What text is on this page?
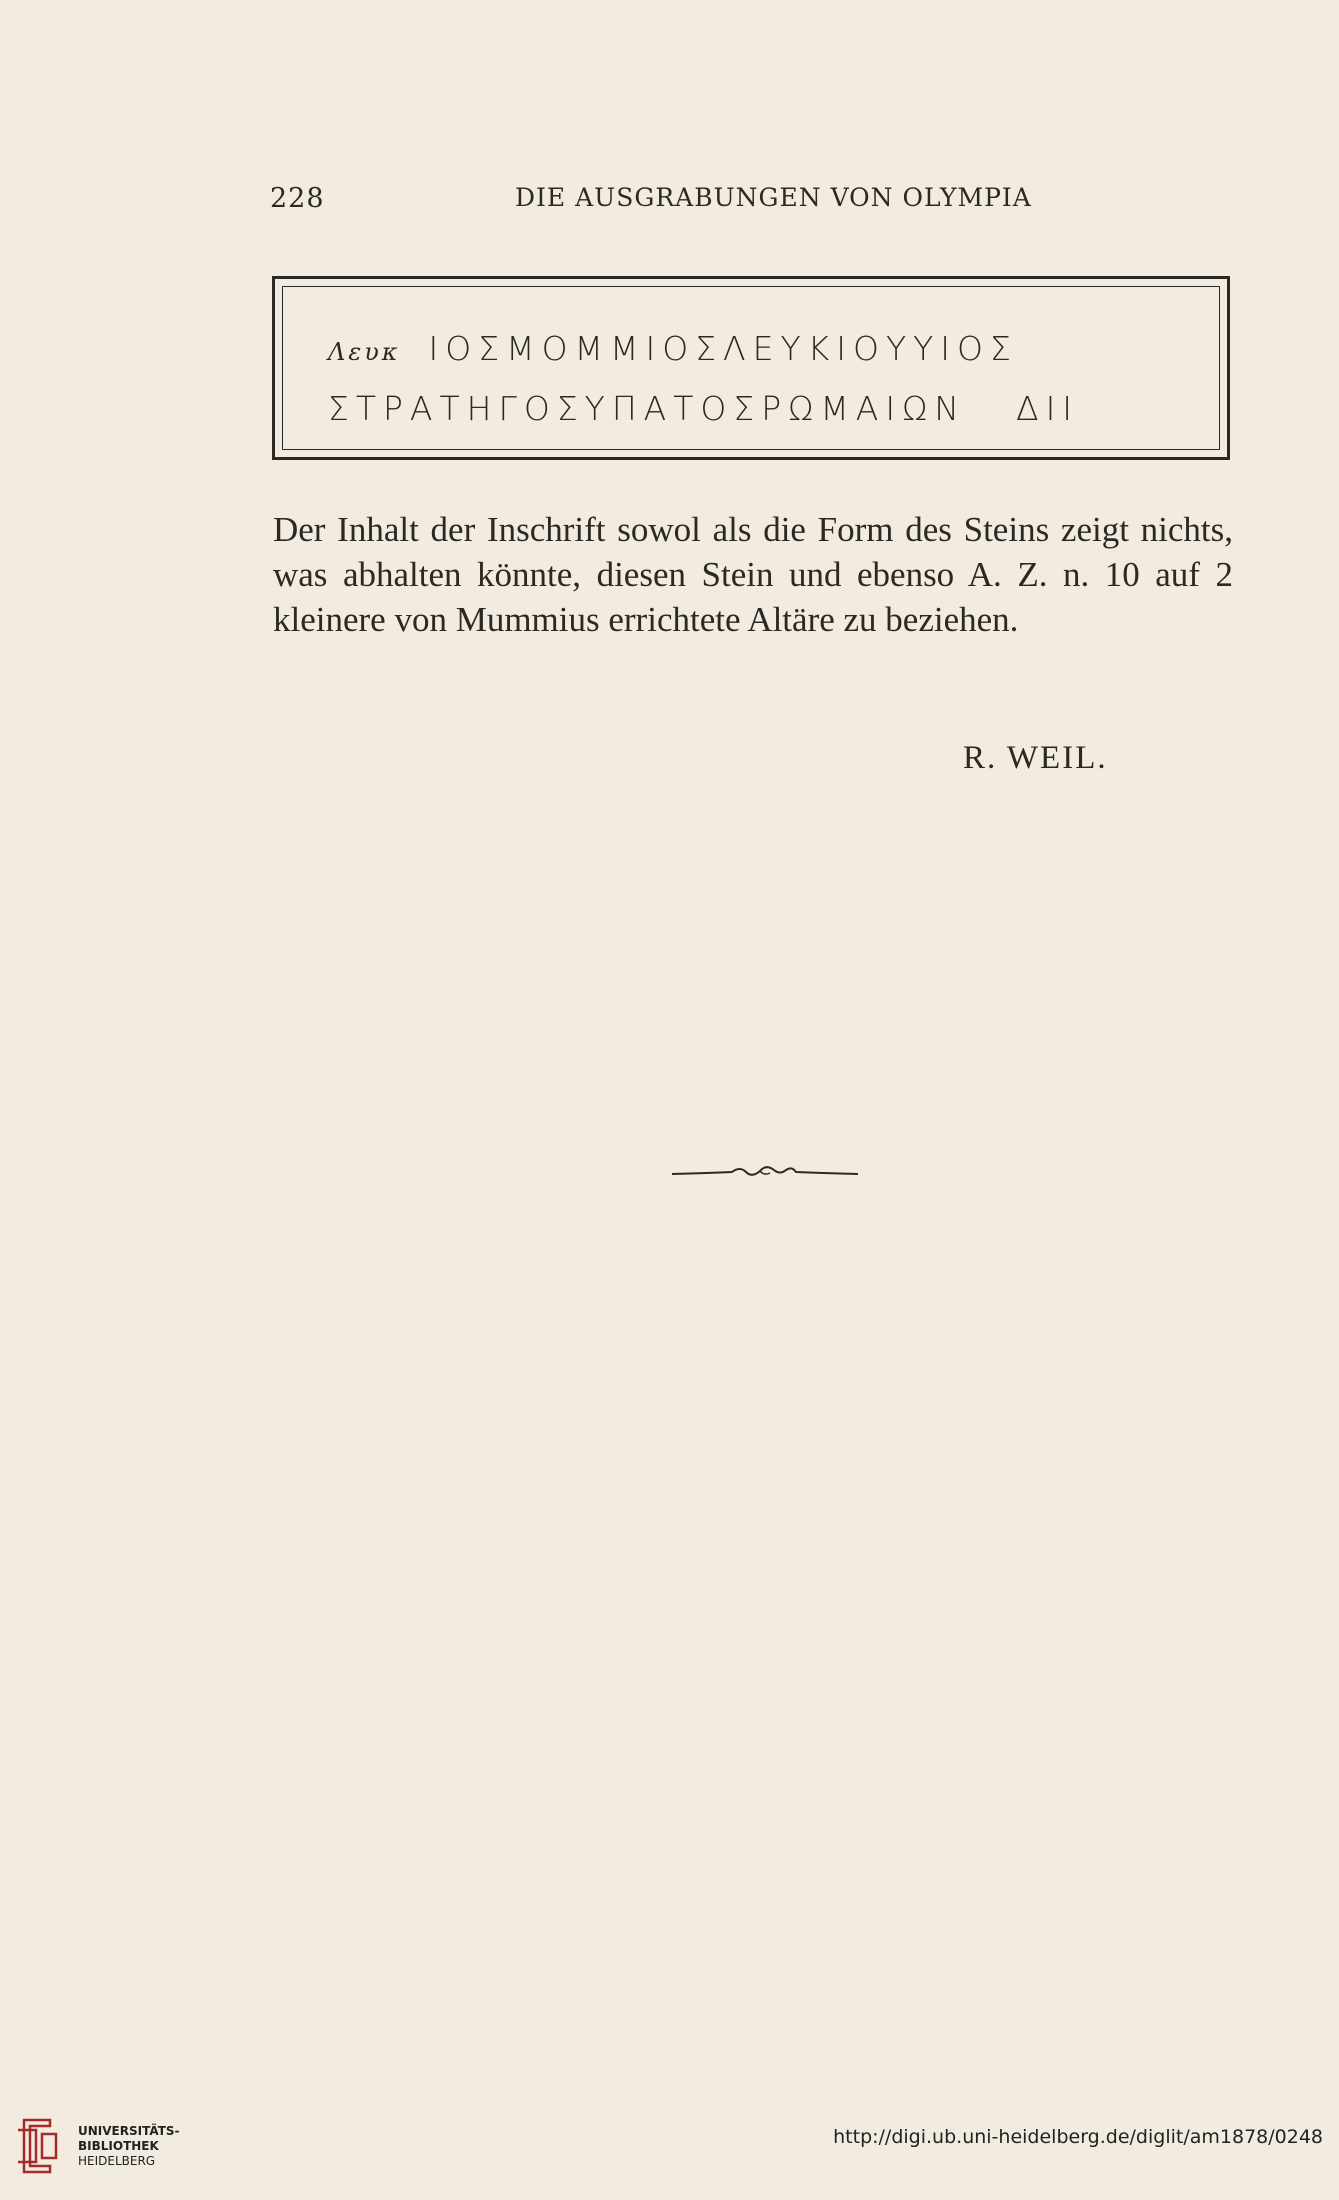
228	DIE AUSGRABUNGEN VON OLYMPIA
Λευκ ΙΟΣΜΟΜΜΙΟΣΛΕΥΚΙΟΥΥΙΟΣ
ΣΤΡΑΤΗΓΟΣΥΠΑΤΟΣΡΩΜΑΙΩΝ ΔΙΙ

Der Inhalt der Inschrift sowol als die Form des Steins zeigt nichts, was abhalten könnte, diesen Stein und ebenso A. Z. n. 10 auf 2 kleinere von Mummius errichtete Altäre zu beziehen.

R. WEIL.
UNIVERSITÄTS-
BIBLIOTHEK
HEIDELBERG
http://digi.ub.uni-heidelberg.de/diglit/am1878/0248
